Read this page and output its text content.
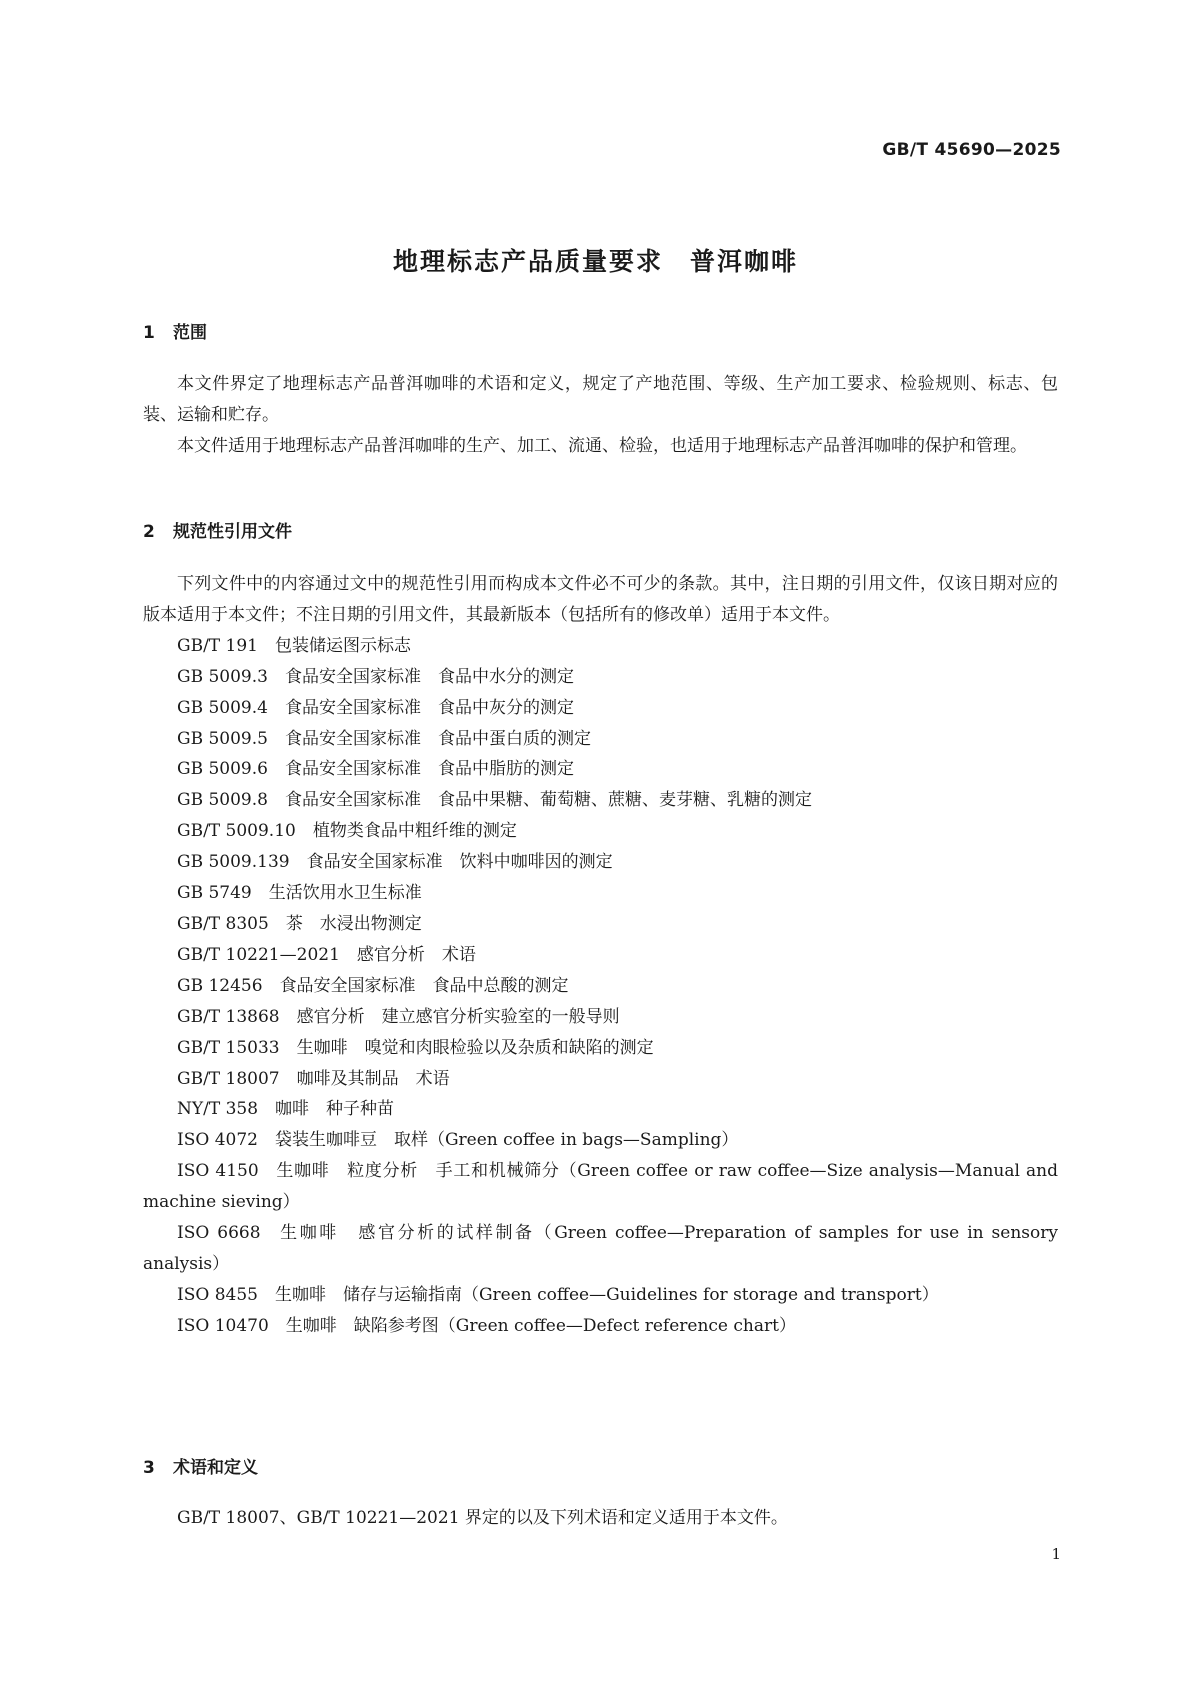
GB/T 45690—2025
地理标志产品质量要求　普洱咖啡
1 范围

本文件界定了地理标志产品普洱咖啡的术语和定义，规定了产地范围、等级、生产加工要求、检验规则、标志、包装、运输和贮存。

本文件适用于地理标志产品普洱咖啡的生产、加工、流通、检验，也适用于地理标志产品普洱咖啡的保护和管理。

2 规范性引用文件

下列文件中的内容通过文中的规范性引用而构成本文件必不可少的条款。其中，注日期的引用文件，仅该日期对应的版本适用于本文件；不注日期的引用文件，其最新版本（包括所有的修改单）适用于本文件。

GB/T 191 包装储运图示标志
GB 5009.3 食品安全国家标准　食品中水分的测定
GB 5009.4 食品安全国家标准　食品中灰分的测定
GB 5009.5 食品安全国家标准　食品中蛋白质的测定
GB 5009.6 食品安全国家标准　食品中脂肪的测定
GB 5009.8 食品安全国家标准　食品中果糖、葡萄糖、蔗糖、麦芽糖、乳糖的测定
GB/T 5009.10 植物类食品中粗纤维的测定
GB 5009.139 食品安全国家标准　饮料中咖啡因的测定
GB 5749 生活饮用水卫生标准
GB/T 8305 茶　水浸出物测定
GB/T 10221—2021 感官分析　术语
GB 12456 食品安全国家标准　食品中总酸的测定
GB/T 13868 感官分析　建立感官分析实验室的一般导则
GB/T 15033 生咖啡　嗅觉和肉眼检验以及杂质和缺陷的测定
GB/T 18007 咖啡及其制品　术语
NY/T 358 咖啡　种子种苗
ISO 4072 袋装生咖啡豆　取样（Green coffee in bags—Sampling）
ISO 4150 生咖啡　粒度分析　手工和机械筛分（Green coffee or raw coffee—Size analysis—Manual and machine sieving）
ISO 6668 生咖啡　感官分析的试样制备（Green coffee—Preparation of samples for use in sensory analysis）
ISO 8455 生咖啡　储存与运输指南（Green coffee—Guidelines for storage and transport）
ISO 10470 生咖啡　缺陷参考图（Green coffee—Defect reference chart）
3 术语和定义

GB/T 18007、GB/T 10221—2021 界定的以及下列术语和定义适用于本文件。

1
